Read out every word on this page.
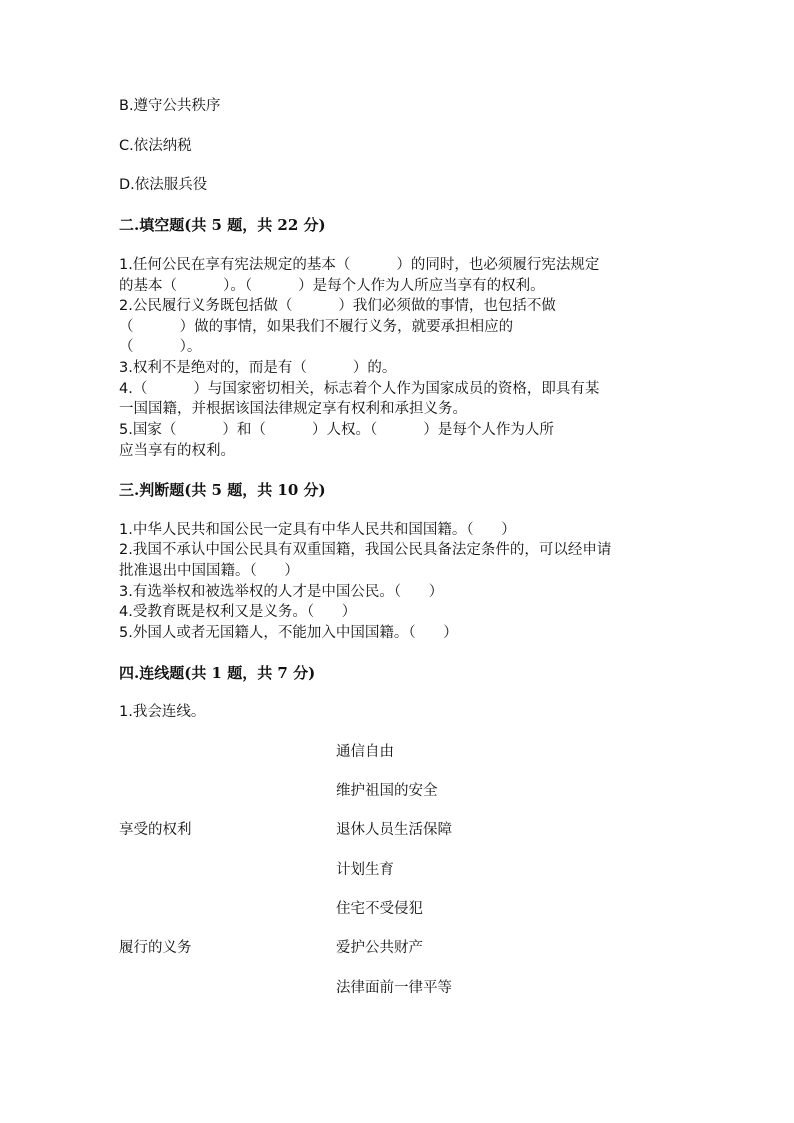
B.遵守公共秩序

C.依法纳税

D.依法服兵役

二.填空题(共 5 题，共 22 分)

1.任何公民在享有宪法规定的基本（          ）的同时，也必须履行宪法规定

的基本（          ）。（          ）是每个人作为人所应当享有的权利。

2.公民履行义务既包括做（          ）我们必须做的事情，也包括不做

（          ）做的事情，如果我们不履行义务，就要承担相应的

（          ）。

3.权利不是绝对的，而是有（          ）的。

4.（          ）与国家密切相关，标志着个人作为国家成员的资格，即具有某

一国国籍，并根据该国法律规定享有权利和承担义务。

5.国家（          ）和（          ）人权。（          ）是每个人作为人所

应当享有的权利。

三.判断题(共 5 题，共 10 分)

1.中华人民共和国公民一定具有中华人民共和国国籍。（      ）

2.我国不承认中国公民具有双重国籍，我国公民具备法定条件的，可以经申请

批准退出中国国籍。（      ）

3.有选举权和被选举权的人才是中国公民。（      ）

4.受教育既是权利又是义务。（      ）

5.外国人或者无国籍人，不能加入中国国籍。（      ）

四.连线题(共 1 题，共 7 分)

1.我会连线。

通信自由

维护祖国的安全

享受的权利	退休人员生活保障

计划生育

住宅不受侵犯

履行的义务	爱护公共财产

法律面前一律平等
